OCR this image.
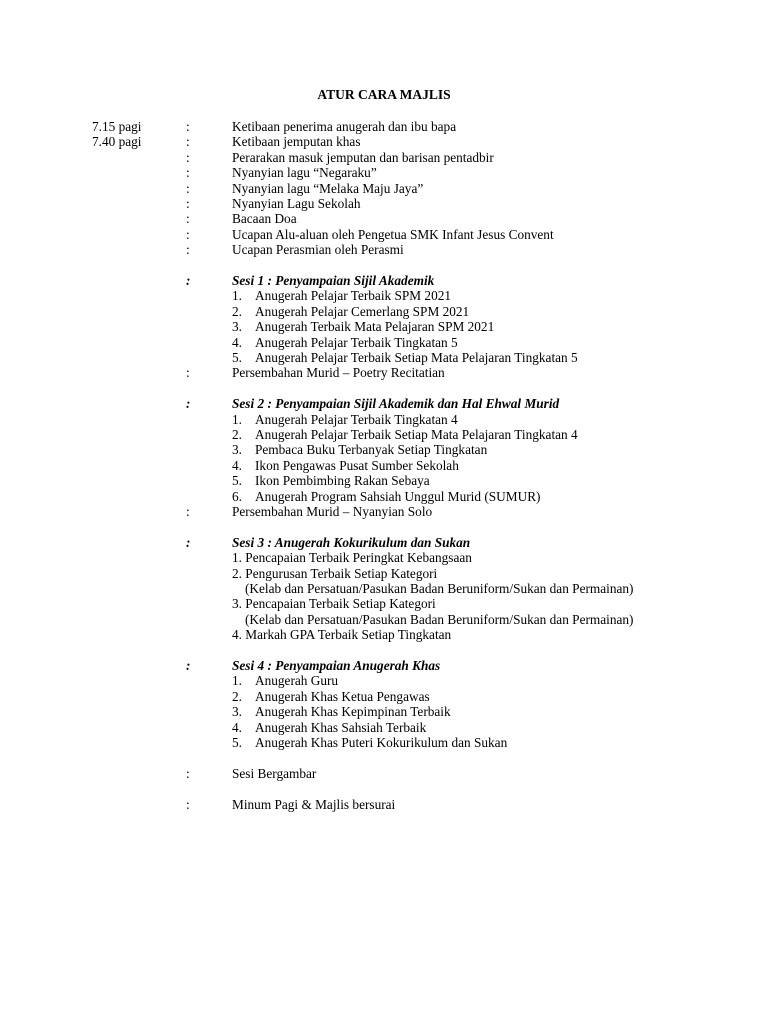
ATUR CARA MAJLIS
7.15 pagi	:	Ketibaan penerima anugerah dan ibu bapa
7.40 pagi	:	Ketibaan jemputan khas
:	Perarakan masuk jemputan dan barisan pentadbir
:	Nyanyian lagu “Negaraku”
:	Nyanyian lagu “Melaka Maju Jaya”
:	Nyanyian Lagu Sekolah
:	Bacaan Doa
:	Ucapan Alu-aluan oleh Pengetua SMK Infant Jesus Convent
:	Ucapan Perasmian oleh Perasmi
:	Sesi 1 : Penyampaian Sijil Akademik
1. Anugerah Pelajar Terbaik SPM 2021
2. Anugerah Pelajar Cemerlang SPM 2021
3. Anugerah Terbaik Mata Pelajaran SPM 2021
4. Anugerah Pelajar Terbaik Tingkatan 5
5. Anugerah Pelajar Terbaik Setiap Mata Pelajaran Tingkatan 5
:	Persembahan Murid – Poetry Recitatian
:	Sesi 2 : Penyampaian Sijil Akademik dan Hal Ehwal Murid
1. Anugerah Pelajar Terbaik Tingkatan 4
2. Anugerah Pelajar Terbaik Setiap Mata Pelajaran Tingkatan 4
3. Pembaca Buku Terbanyak Setiap Tingkatan
4. Ikon Pengawas Pusat Sumber Sekolah
5. Ikon Pembimbing Rakan Sebaya
6. Anugerah Program Sahsiah Unggul Murid (SUMUR)
:	Persembahan Murid – Nyanyian Solo
:	Sesi 3 : Anugerah Kokurikulum dan Sukan
1. Pencapaian Terbaik Peringkat Kebangsaan
2. Pengurusan Terbaik Setiap Kategori
(Kelab dan Persatuan/Pasukan Badan Beruniform/Sukan dan Permainan)
3. Pencapaian Terbaik Setiap Kategori
(Kelab dan Persatuan/Pasukan Badan Beruniform/Sukan dan Permainan)
4. Markah GPA Terbaik Setiap Tingkatan
:	Sesi 4 : Penyampaian Anugerah Khas
1. Anugerah Guru
2. Anugerah Khas Ketua Pengawas
3. Anugerah Khas Kepimpinan Terbaik
4. Anugerah Khas Sahsiah Terbaik
5. Anugerah Khas Puteri Kokurikulum dan Sukan
:	Sesi Bergambar
:	Minum Pagi & Majlis bersurai
